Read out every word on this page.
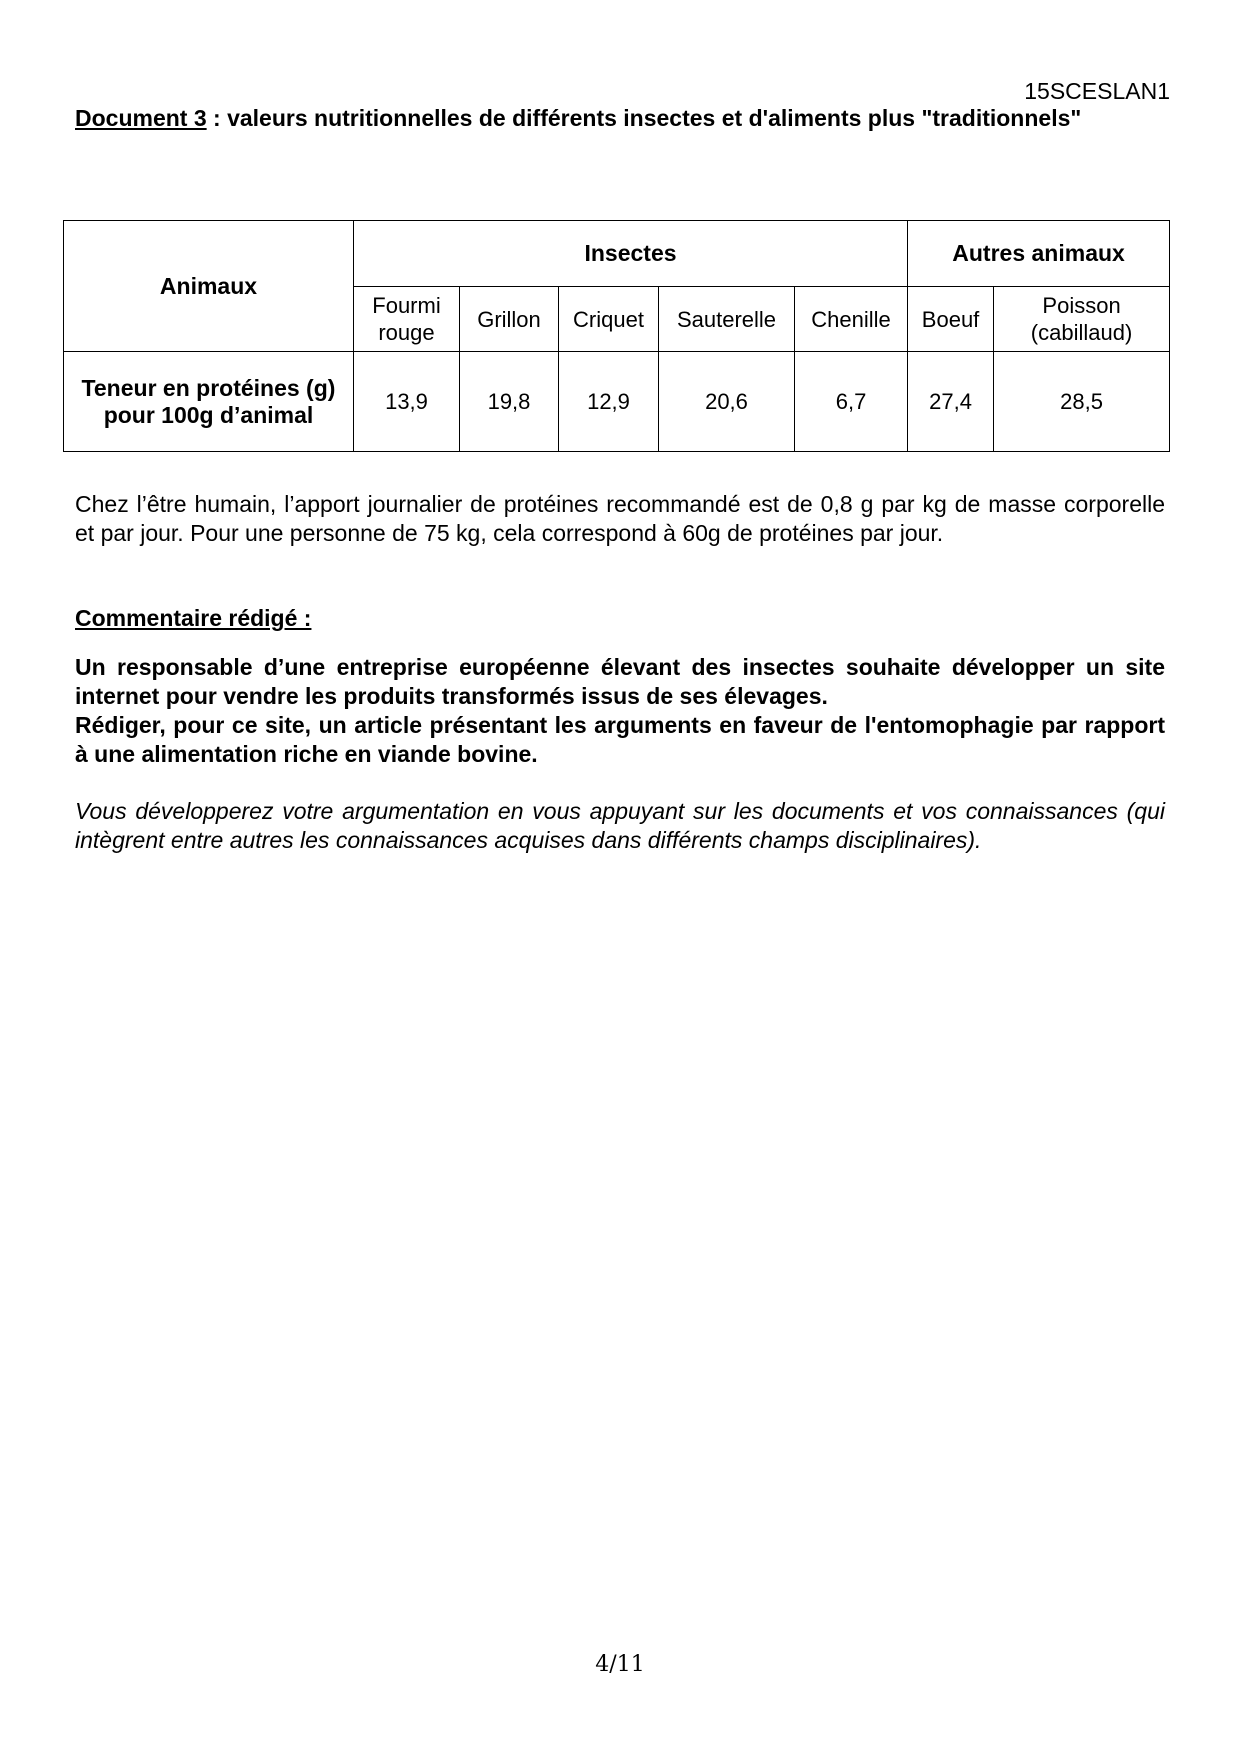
15SCESLAN1
Document 3 : valeurs nutritionnelles de différents insectes et d'aliments plus "traditionnels"
Animaux	Insectes					Autres animaux	
	Fourmi rouge	Grillon	Criquet	Sauterelle	Chenille	Boeuf	Poisson (cabillaud)
Teneur en protéines (g) pour 100g d’animal	13,9	19,8	12,9	20,6	6,7	27,4	28,5

Chez l’être humain, l’apport journalier de protéines recommandé est de 0,8 g par kg de masse corporelle et par jour. Pour une personne de 75 kg, cela correspond à 60g de protéines par jour.

Commentaire rédigé :

Un responsable d’une entreprise européenne élevant des insectes souhaite développer un site internet pour vendre les produits transformés issus de ses élevages.

Rédiger, pour ce site, un article présentant les arguments en faveur de l'entomophagie par rapport à une alimentation riche en viande bovine.

Vous développerez votre argumentation en vous appuyant sur les documents et vos connaissances (qui intègrent entre autres les connaissances acquises dans différents champs disciplinaires).

4/11
